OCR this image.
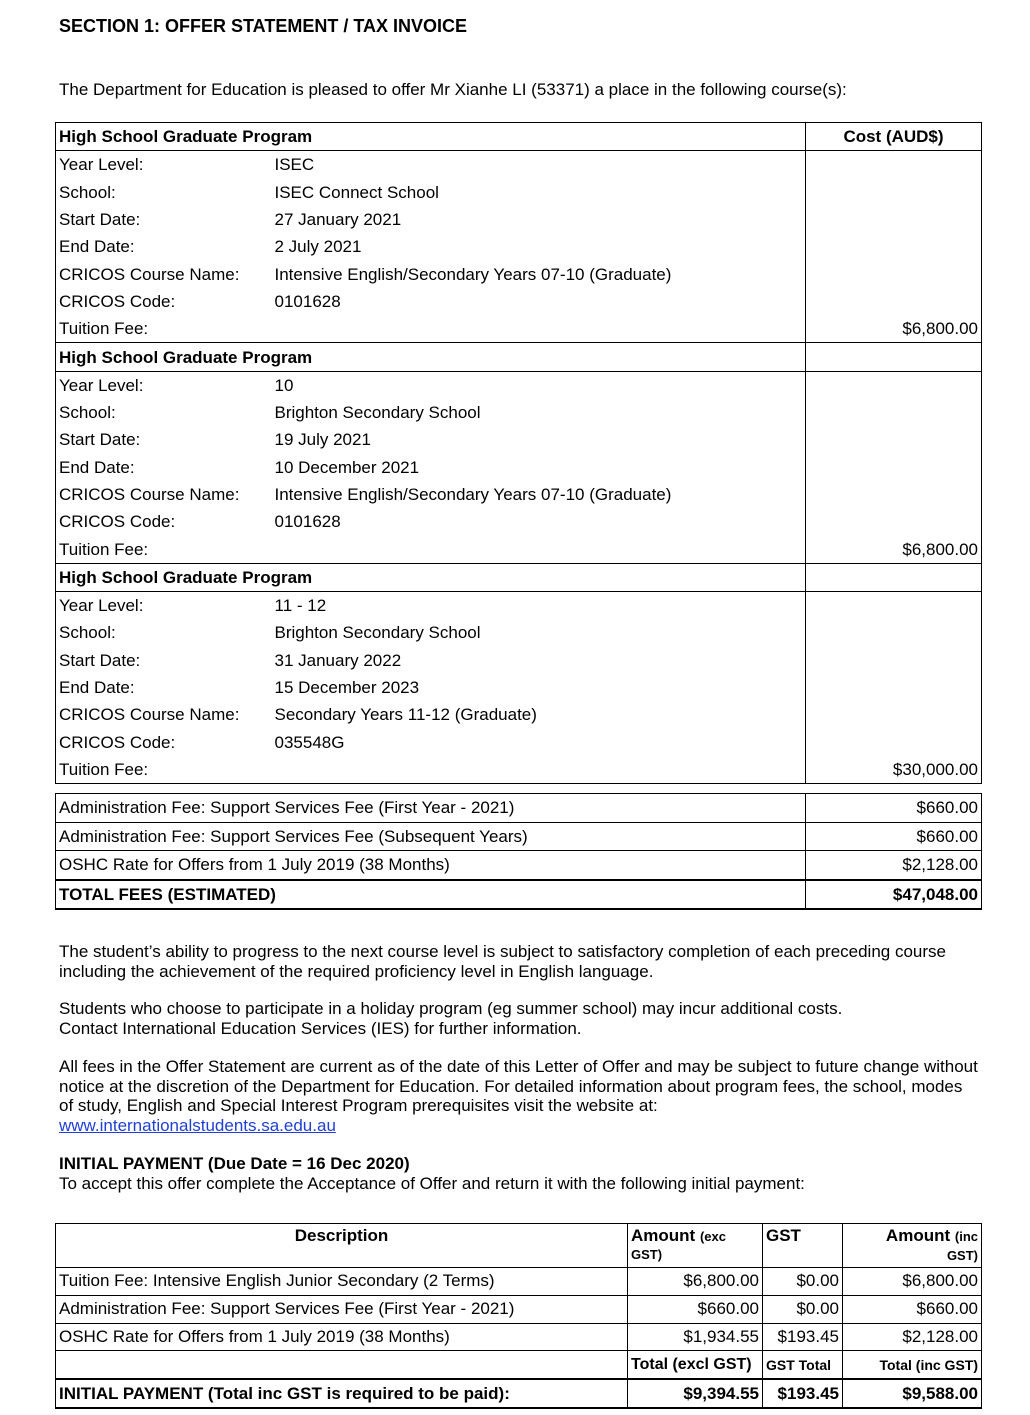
SECTION 1: OFFER STATEMENT / TAX INVOICE
The Department for Education is pleased to offer Mr Xianhe LI (53371) a place in the following course(s):
High School Graduate Program		Cost (AUD$)
Year Level:	ISEC	
School:	ISEC Connect School	
Start Date:	27 January 2021	
End Date:	2 July 2021	
CRICOS Course Name:	Intensive English/Secondary Years 07-10 (Graduate)	
CRICOS Code:	0101628	
Tuition Fee:		$6,800.00
High School Graduate Program		
Year Level:	10	
School:	Brighton Secondary School	
Start Date:	19 July 2021	
End Date:	10 December 2021	
CRICOS Course Name:	Intensive English/Secondary Years 07-10 (Graduate)	
CRICOS Code:	0101628	
Tuition Fee:		$6,800.00
High School Graduate Program		
Year Level:	11 - 12	
School:	Brighton Secondary School	
Start Date:	31 January 2022	
End Date:	15 December 2023	
CRICOS Course Name:	Secondary Years 11-12 (Graduate)	
CRICOS Code:	035548G	
Tuition Fee:		$30,000.00
Administration Fee: Support Services Fee (First Year - 2021)	$660.00
Administration Fee: Support Services Fee (Subsequent Years)	$660.00
OSHC Rate for Offers from 1 July 2019 (38 Months)	$2,128.00
TOTAL FEES (ESTIMATED)	$47,048.00
The student’s ability to progress to the next course level is subject to satisfactory completion of each preceding course including the achievement of the required proficiency level in English language.
Students who choose to participate in a holiday program (eg summer school) may incur additional costs.
Contact International Education Services (IES) for further information.
All fees in the Offer Statement are current as of the date of this Letter of Offer and may be subject to future change without notice at the discretion of the Department for Education. For detailed information about program fees, the school, modes of study, English and Special Interest Program prerequisites visit the website at:
www.internationalstudents.sa.edu.au
INITIAL PAYMENT (Due Date = 16 Dec 2020)
To accept this offer complete the Acceptance of Offer and return it with the following initial payment:
Description	Amount (exc
GST)	GST	Amount (inc
GST)
Tuition Fee: Intensive English Junior Secondary (2 Terms)	$6,800.00	$0.00	$6,800.00
Administration Fee: Support Services Fee (First Year - 2021)	$660.00	$0.00	$660.00
OSHC Rate for Offers from 1 July 2019 (38 Months)	$1,934.55	$193.45	$2,128.00
	Total (excl GST)	GST Total	Total (inc GST)
INITIAL PAYMENT (Total inc GST is required to be paid):	$9,394.55	$193.45	$9,588.00
